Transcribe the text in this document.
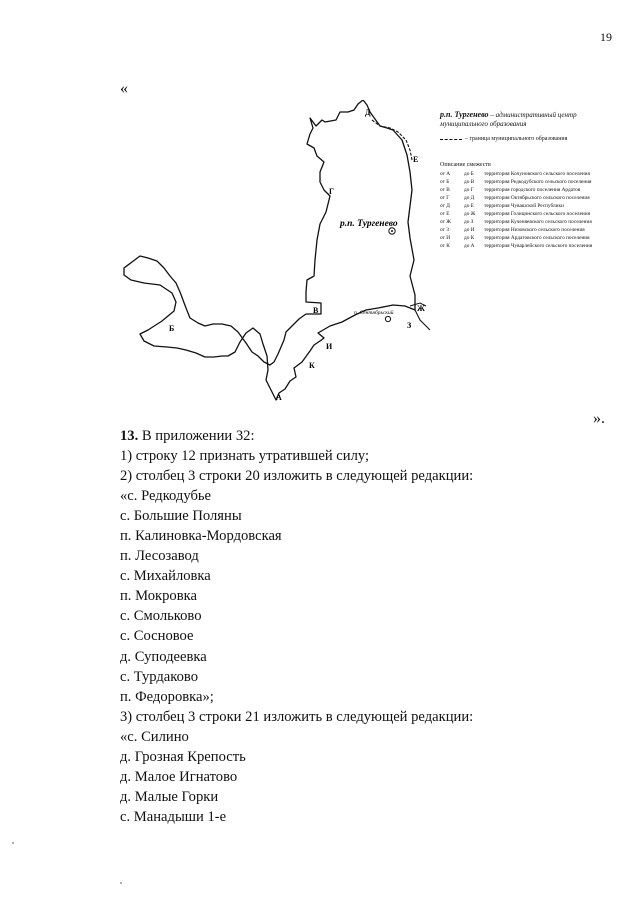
19
«
р.п. Тургенево
п. Сентябрьский
А
Б
В
Г
Д
Е
Ж
З
И
К
р.п. Тургенево – административный центр муниципального образования
– граница муниципального образования
Описание смежеств
от А	до Б	территория Кочуновского сельского поселения
от Б	до В	территория Редкодубского сельского поселения
от В	до Г	территория городского поселения Ардатов
от Г	до Д	территория Октябрьского сельского поселения
от Д	до Е	территория Чувашской Республики
от Е	до Ж	территория Голицинского сельского поселения
от Ж	до З	территория Кученяевского сельского поселения
от З	до И	территория Низовского сельского поселения
от И	до К	территория Ардатовского сельского поселения
от К	до А	территория Чуварлейского сельского поселения
».

13. В приложении 32:

1) строку 12 признать утратившей силу;

2) столбец 3 строки 20 изложить в следующей редакции:

«с. Редкодубье

с. Большие Поляны

п. Калиновка-Мордовская

п. Лесозавод

с. Михайловка

п. Мокровка

с. Смольково

с. Сосновое

д. Суподеевка

с. Турдаково

п. Федоровка»;

3) столбец 3 строки 21 изложить в следующей редакции:

«с. Силино

д. Грозная Крепость

д. Малое Игнатово

д. Малые Горки

с. Манадыши 1-е
